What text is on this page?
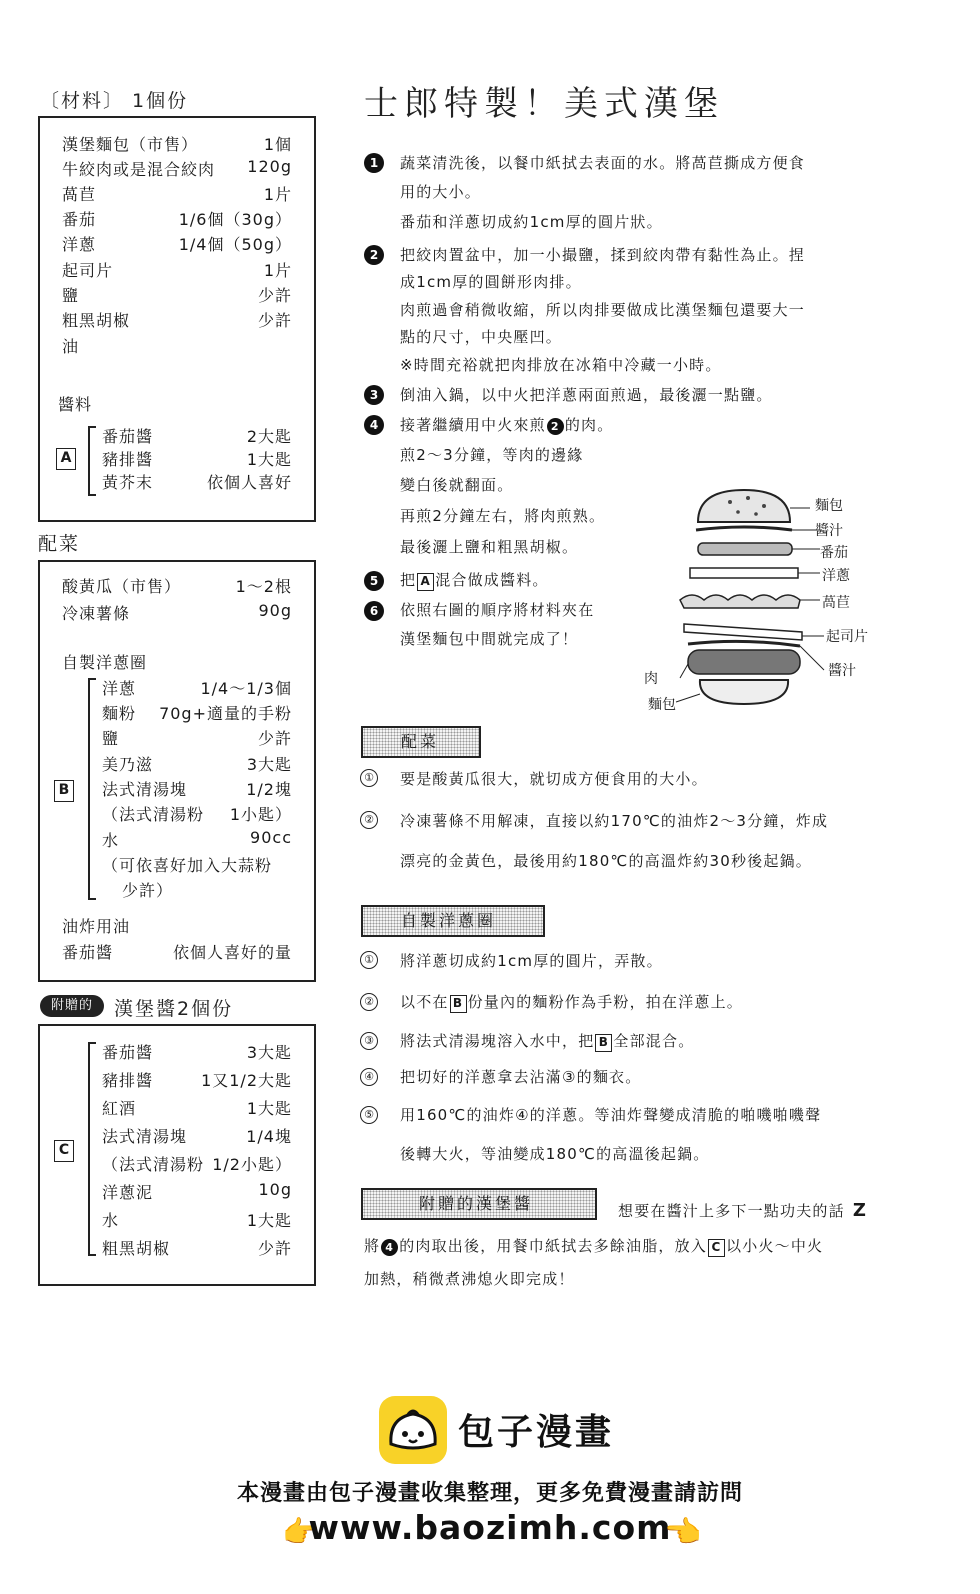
〔材料〕 1個份
漢堡麵包（市售）	1個
牛絞肉或是混合絞肉 120g
萵苣	1片
番茄	1/6個（30g）
洋蔥	1/4個（50g）
起司片	1片
鹽	少許
粗黑胡椒	少許
油
醬料
A
番茄醬	2大匙
豬排醬	1大匙
黃芥末	依個人喜好
配菜
酸黃瓜（市售）	1～2根
冷凍薯條	90g
自製洋蔥圈
B
洋蔥	1/4～1/3個
麵粉 70g+適量的手粉
鹽	少許
美乃滋	3大匙
法式清湯塊	1/2塊
（法式清湯粉 1小匙）
水	90cc
（可依喜好加入大蒜粉
少許）
油炸用油
番茄醬	依個人喜好的量
附贈的	漢堡醬2個份
C
番茄醬	3大匙
豬排醬	1又1/2大匙
紅酒	1大匙
法式清湯塊	1/4塊
（法式清湯粉 1/2小匙）
洋蔥泥	10g
水	1大匙
粗黑胡椒	少許
士郎特製！美式漢堡
1	蔬菜清洗後，以餐巾紙拭去表面的水。將萵苣撕成方便食
用的大小。
番茄和洋蔥切成約1cm厚的圓片狀。
2	把絞肉置盆中，加一小撮鹽，揉到絞肉帶有黏性為止。捏
成1cm厚的圓餅形肉排。
肉煎過會稍微收縮，所以肉排要做成比漢堡麵包還要大一
點的尺寸，中央壓凹。
※時間充裕就把肉排放在冰箱中冷藏一小時。
3	倒油入鍋，以中火把洋蔥兩面煎過，最後灑一點鹽。
4	接著繼續用中火來煎 2 的肉。
煎2～3分鐘，等肉的邊緣
變白後就翻面。
再煎2分鐘左右，將肉煎熟。
最後灑上鹽和粗黑胡椒。
5	把 A 混合做成醬料。
6	依照右圖的順序將材料夾在
漢堡麵包中間就完成了！
麵包
醬汁
番茄
洋蔥
萵苣
起司片
醬汁
肉
麵包
配菜
① 要是酸黃瓜很大，就切成方便食用的大小。
② 冷凍薯條不用解凍，直接以約170℃的油炸2～3分鐘，炸成
漂亮的金黃色，最後用約180℃的高溫炸約30秒後起鍋。
自製洋蔥圈
① 將洋蔥切成約1cm厚的圓片，弄散。
② 以不在 B 份量內的麵粉作為手粉，拍在洋蔥上。
③ 將法式清湯塊溶入水中，把 B 全部混合。
④ 把切好的洋蔥拿去沾滿③的麵衣。
⑤ 用160℃的油炸④的洋蔥。等油炸聲變成清脆的啪嘰啪嘰聲
後轉大火，等油變成180℃的高溫後起鍋。
附贈的漢堡醬	想要在醬汁上多下一點功夫的話 Z
將 4 的肉取出後，用餐巾紙拭去多餘油脂，放入 C 以小火～中火
加熱，稍微煮沸熄火即完成！
包子漫畫
本漫畫由包子漫畫收集整理，更多免費漫畫請訪問
👉
www.baozimh.com
👈
